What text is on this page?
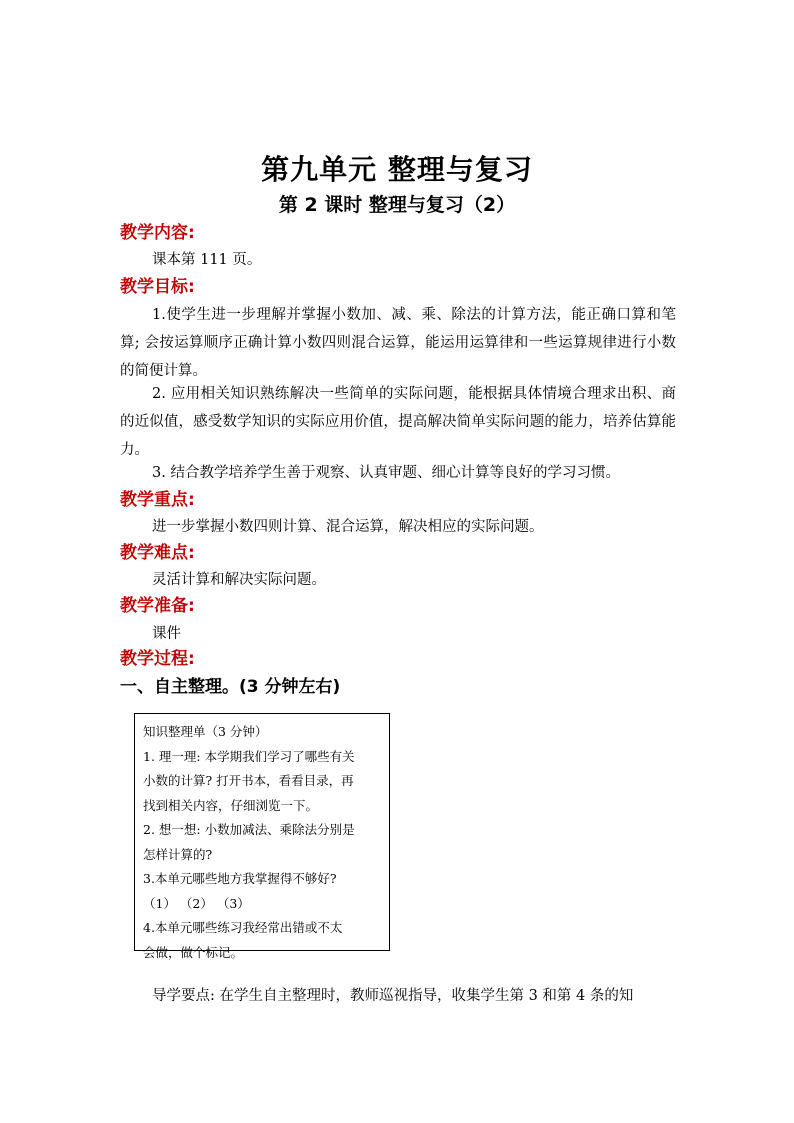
第九单元 整理与复习
第 2 课时 整理与复习（2）
教学内容:
课本第 111 页。
教学目标:
1.使学生进一步理解并掌握小数加、减、乘、除法的计算方法，能正确口算和笔算; 会按运算顺序正确计算小数四则混合运算，能运用运算律和一些运算规律进行小数的简便计算。
2. 应用相关知识熟练解决一些简单的实际问题，能根据具体情境合理求出积、商的近似值，感受数学知识的实际应用价值，提高解决简单实际问题的能力，培养估算能力。
3. 结合教学培养学生善于观察、认真审题、细心计算等良好的学习习惯。
教学重点:
进一步掌握小数四则计算、混合运算，解决相应的实际问题。
教学难点:
灵活计算和解决实际问题。
教学准备:
课件
教学过程:
一、自主整理。(3 分钟左右)
知识整理单（3 分钟）
1. 理一理: 本学期我们学习了哪些有关
小数的计算? 打开书本，看看目录，再
找到相关内容，仔细浏览一下。
2. 想一想: 小数加减法、乘除法分别是
怎样计算的?
3.本单元哪些地方我掌握得不够好?
（1） （2） （3）
4.本单元哪些练习我经常出错或不太
会做，做个标记。
导学要点: 在学生自主整理时，教师巡视指导，收集学生第 3 和第 4 条的知
